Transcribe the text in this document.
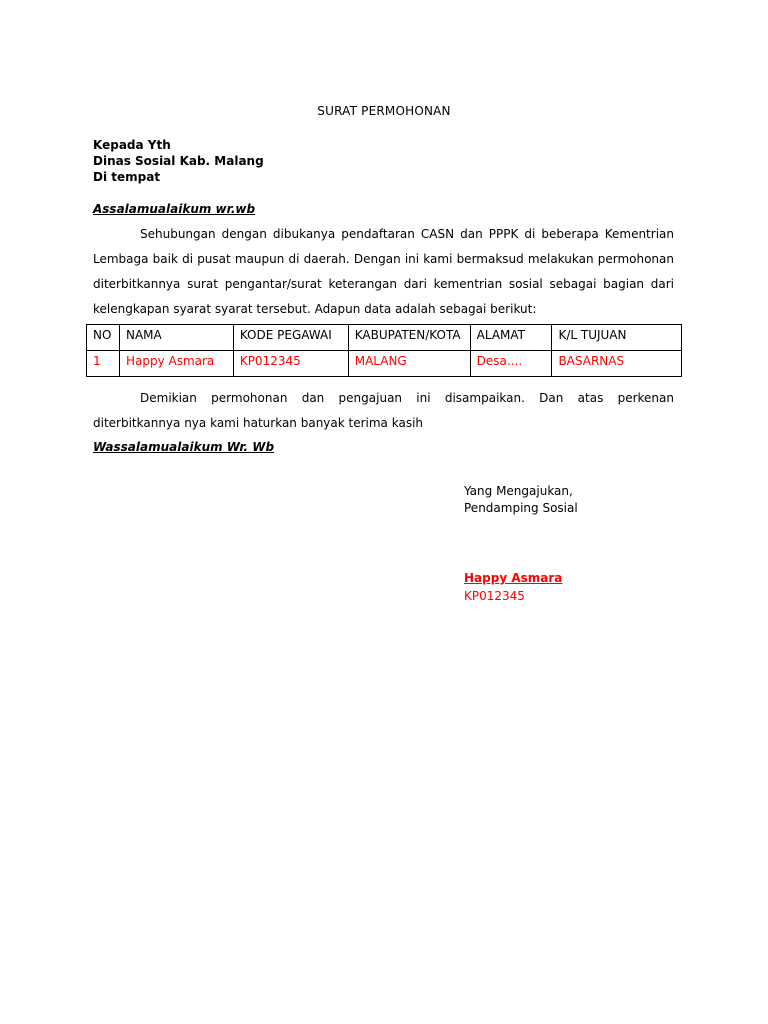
SURAT PERMOHONAN
Kepada Yth
Dinas Sosial Kab. Malang
Di tempat
Assalamualaikum wr.wb
Sehubungan dengan dibukanya pendaftaran CASN dan PPPK di beberapa Kementrian Lembaga baik di pusat maupun di daerah. Dengan ini kami bermaksud melakukan permohonan diterbitkannya surat pengantar/surat keterangan dari kementrian sosial sebagai bagian dari kelengkapan syarat syarat tersebut. Adapun data adalah sebagai berikut:
NO	NAMA	KODE PEGAWAI	KABUPATEN/KOTA	ALAMAT	K/L TUJUAN
1	Happy Asmara	KP012345	MALANG	Desa....	BASARNAS
Demikian permohonan dan pengajuan ini disampaikan. Dan atas perkenan diterbitkannya nya kami haturkan banyak terima kasih
Wassalamualaikum Wr. Wb
Yang Mengajukan,
Pendamping Sosial
Happy Asmara
KP012345
